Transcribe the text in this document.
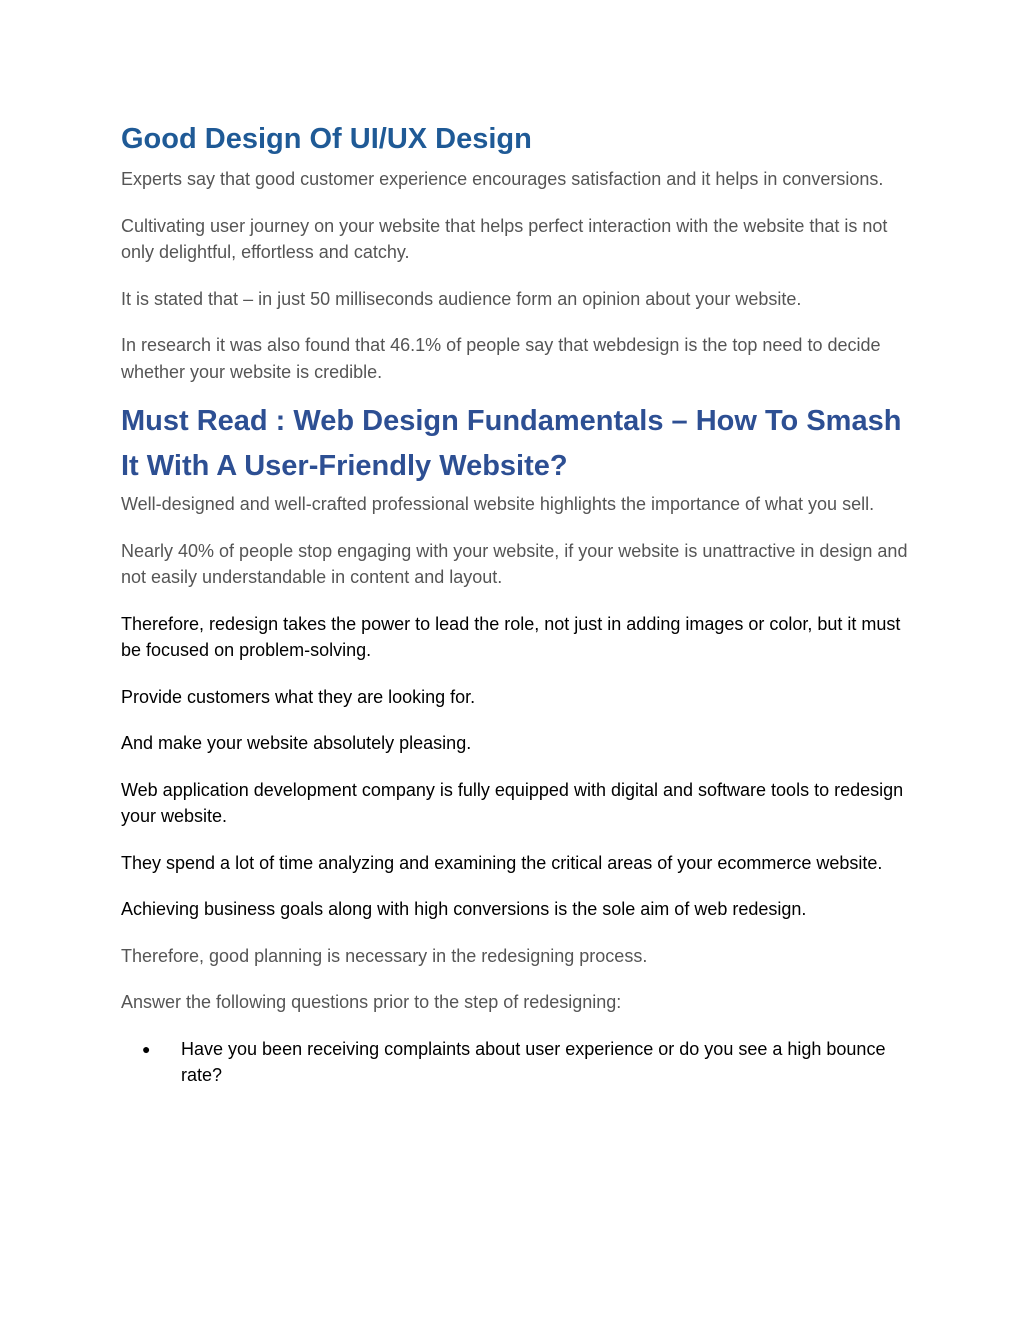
Good Design Of UI/UX Design

Experts say that good customer experience encourages satisfaction and it helps in conversions.

Cultivating user journey on your website that helps perfect interaction with the website that is not only delightful, effortless and catchy.

It is stated that – in just 50 milliseconds audience form an opinion about your website.

In research it was also found that 46.1% of people say that webdesign is the top need to decide whether your website is credible.

Must Read : Web Design Fundamentals – How To Smash It With A User-Friendly Website?

Well-designed and well-crafted professional website highlights the importance of what you sell.

Nearly 40% of people stop engaging with your website, if your website is unattractive in design and not easily understandable in content and layout.

Therefore, redesign takes the power to lead the role, not just in adding images or color, but it must be focused on problem-solving.

Provide customers what they are looking for.

And make your website absolutely pleasing.

Web application development company is fully equipped with digital and software tools to redesign your website.

They spend a lot of time analyzing and examining the critical areas of your ecommerce website.

Achieving business goals along with high conversions is the sole aim of web redesign.

Therefore, good planning is necessary in the redesigning process.

Answer the following questions prior to the step of redesigning:

● Have you been receiving complaints about user experience or do you see a high bounce rate?
